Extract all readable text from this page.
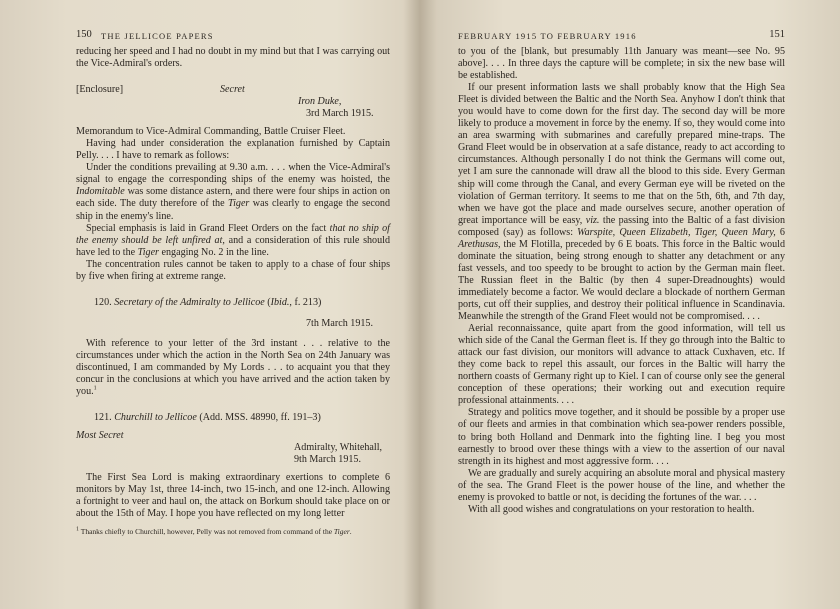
150 THE JELLICOE PAPERS

reducing her speed and I had no doubt in my mind but that I was carrying out the Vice-Admiral's orders.

[Enclosure]	Secret
Iron Duke,
3rd March 1915.

Memorandum to Vice-Admiral Commanding, Battle Cruiser Fleet.

Having had under consideration the explanation furnished by Captain Pelly. . . . I have to remark as follows:

Under the conditions prevailing at 9.30 a.m. . . . when the Vice-Admiral's signal to engage the corresponding ships of the enemy was hoisted, the Indomitable was some distance astern, and there were four ships in action on each side. The duty therefore of the Tiger was clearly to engage the second ship in the enemy's line.

Special emphasis is laid in Grand Fleet Orders on the fact that no ship of the enemy should be left unfired at, and a consideration of this rule should have led to the Tiger engaging No. 2 in the line.

The concentration rules cannot be taken to apply to a chase of four ships by five when firing at extreme range.

120. Secretary of the Admiralty to Jellicoe (Ibid., f. 213)

7th March 1915.

With reference to your letter of the 3rd instant . . . relative to the circumstances under which the action in the North Sea on 24th January was discontinued, I am commanded by My Lords . . . to acquaint you that they concur in the conclusions at which you have arrived and the action taken by you.$^1$

121. Churchill to Jellicoe (Add. MSS. 48990, ff. 191–3)

Most Secret

Admiralty, Whitehall,
9th March 1915.

The First Sea Lord is making extraordinary exertions to complete 6 monitors by May 1st, three 14-inch, two 15-inch, and one 12-inch. Allowing a fortnight to veer and haul on, the attack on Borkum should take place on or about the 15th of May. I hope you have reflected on my long letter

$^1$ Thanks chiefly to Churchill, however, Pelly was not removed from command of the Tiger.
FEBRUARY 1915 TO FEBRUARY 1916	151

to you of the [blank, but presumably 11th January was meant—see No. 95 above]. . . . In three days the capture will be complete; in six the new base will be established.

If our present information lasts we shall probably know that the High Sea Fleet is divided between the Baltic and the North Sea. Anyhow I don't think that you would have to come down for the first day. The second day will be more likely to produce a movement in force by the enemy. If so, they would come into an area swarming with submarines and carefully prepared mine-traps. The Grand Fleet would be in observation at a safe distance, ready to act according to circumstances. Although personally I do not think the Germans will come out, yet I am sure the cannonade will draw all the blood to this side. Every German ship will come through the Canal, and every German eye will be riveted on the violation of German territory. It seems to me that on the 5th, 6th, and 7th day, when we have got the place and made ourselves secure, another operation of great importance will be easy, viz. the passing into the Baltic of a fast division composed (say) as follows: Warspite, Queen Elizabeth, Tiger, Queen Mary, 6 Arethusas, the M Flotilla, preceded by 6 E boats. This force in the Baltic would dominate the situation, being strong enough to shatter any detachment or any fast vessels, and too speedy to be brought to action by the German main fleet. The Russian fleet in the Baltic (by then 4 super-Dreadnoughts) would immediately become a factor. We would declare a blockade of northern German ports, cut off their supplies, and destroy their political influence in Scandinavia. Meanwhile the strength of the Grand Fleet would not be compromised. . . .

Aerial reconnaissance, quite apart from the good information, will tell us which side of the Canal the German fleet is. If they go through into the Baltic to attack our fast division, our monitors will advance to attack Cuxhaven, etc. If they come back to repel this assault, our forces in the Baltic will harry the northern coasts of Germany right up to Kiel. I can of course only see the general conception of these operations; their working out and execution require professional attainments. . . .

Strategy and politics move together, and it should be possible by a proper use of our fleets and armies in that combination which sea-power renders possible, to bring both Holland and Denmark into the fighting line. I beg you most earnestly to brood over these things with a view to the assertion of our naval strength in its highest and most aggressive form. . . .

We are gradually and surely acquiring an absolute moral and physical mastery of the sea. The Grand Fleet is the power house of the line, and whether the enemy is provoked to battle or not, is deciding the fortunes of the war. . . .

With all good wishes and congratulations on your restoration to health.
